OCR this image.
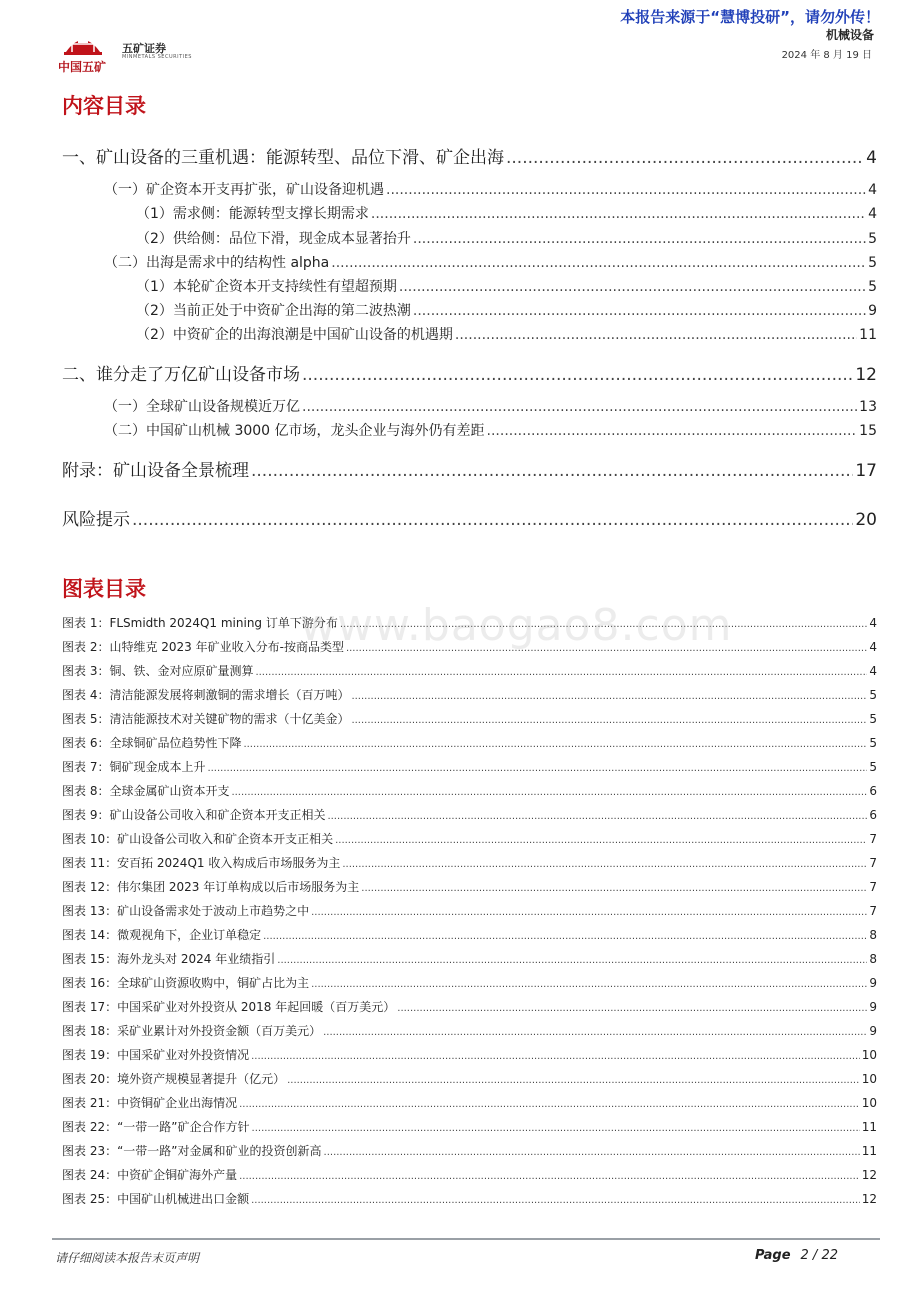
本报告来源于“慧博投研”，请勿外传！
机械设备
2024 年 8 月 19 日
中国五矿
五矿证券
MINMETALS SECURITIES
内容目录
一、矿山设备的三重机遇：能源转型、品位下滑、矿企出海 .....	4
（一）矿企资本开支再扩张，矿山设备迎机遇 .....	4
（1）需求侧：能源转型支撑长期需求 .....	4
（2）供给侧：品位下滑，现金成本显著抬升 .....	5
（二）出海是需求中的结构性 alpha .....	5
（1）本轮矿企资本开支持续性有望超预期 .....	5
（2）当前正处于中资矿企出海的第二波热潮 .....	9
（2）中资矿企的出海浪潮是中国矿山设备的机遇期 .....	11
二、谁分走了万亿矿山设备市场 .....	12
（一）全球矿山设备规模近万亿 .....	13
（二）中国矿山机械 3000 亿市场，龙头企业与海外仍有差距 .....	15
附录：矿山设备全景梳理 .....	17
风险提示 .....	20
图表目录
图表 1：FLSmidth 2024Q1 mining 订单下游分布 .....	4
图表 2：山特维克 2023 年矿业收入分布-按商品类型 .....	4
图表 3：铜、铁、金对应原矿量测算 .....	4
图表 4：清洁能源发展将刺激铜的需求增长（百万吨） .....	5
图表 5：清洁能源技术对关键矿物的需求（十亿美金） .....	5
图表 6：全球铜矿品位趋势性下降 .....	5
图表 7：铜矿现金成本上升 .....	5
图表 8：全球金属矿山资本开支 .....	6
图表 9：矿山设备公司收入和矿企资本开支正相关 .....	6
图表 10：矿山设备公司收入和矿企资本开支正相关 .....	7
图表 11：安百拓 2024Q1 收入构成后市场服务为主 .....	7
图表 12：伟尔集团 2023 年订单构成以后市场服务为主 .....	7
图表 13：矿山设备需求处于波动上市趋势之中 .....	7
图表 14：微观视角下，企业订单稳定 .....	8
图表 15：海外龙头对 2024 年业绩指引 .....	8
图表 16：全球矿山资源收购中，铜矿占比为主 .....	9
图表 17：中国采矿业对外投资从 2018 年起回暖（百万美元） .....	9
图表 18：采矿业累计对外投资金额（百万美元） .....	9
图表 19：中国采矿业对外投资情况 .....	10
图表 20：境外资产规模显著提升（亿元） .....	10
图表 21：中资铜矿企业出海情况 .....	10
图表 22：“一带一路”矿企合作方针 .....	11
图表 23：“一带一路”对金属和矿业的投资创新高 .....	11
图表 24：中资矿企铜矿海外产量 .....	12
图表 25：中国矿山机械进出口金额 .....	12
www.baogao8.com
请仔细阅读本报告末页声明	Page 2 / 22
